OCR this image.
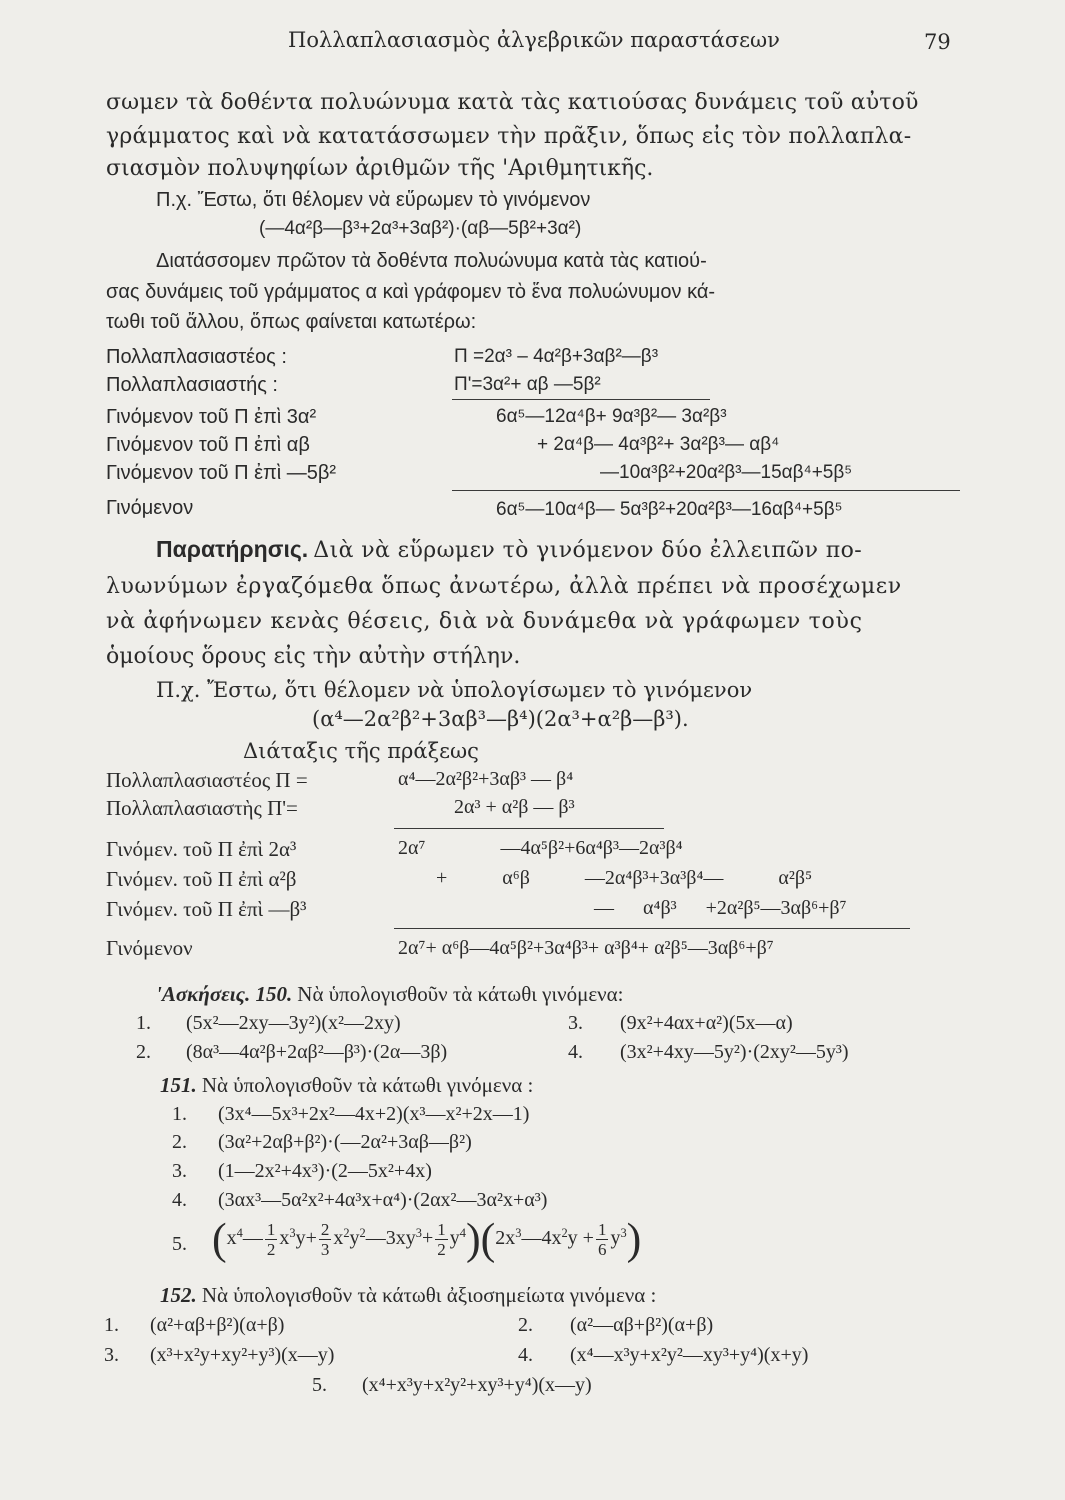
Πολλαπλασιασμὸς ἀλγεβρικῶν παραστάσεων	79
σωμεν τὰ δοθέντα πολυώνυμα κατὰ τὰς κατιούσας δυνάμεις τοῦ αὐτοῦ
γράμματος καὶ νὰ κατατάσσωμεν τὴν πρᾶξιν, ὅπως εἰς τὸν πολλαπλα-
σιασμὸν πολυψηφίων ἀριθμῶν τῆς 'Αριθμητικῆς.
Π.χ. Ἔστω, ὅτι θέλομεν νὰ εὕρωμεν τὸ γινόμενον
(—4α²β—β³+2α³+3αβ²)·(αβ—5β²+3α²)
Διατάσσομεν πρῶτον τὰ δοθέντα πολυώνυμα κατὰ τὰς κατιού-
σας δυνάμεις τοῦ γράμματος α καὶ γράφομεν τὸ ἕνα πολυώνυμον κά-
τωθι τοῦ ἄλλου, ὅπως φαίνεται κατωτέρω:
Πολλαπλασιαστέος :	Π =2α³ – 4α²β+3αβ²—β³
Πολλαπλασιαστής :	Π'=3α²+ αβ —5β²
Γινόμενον τοῦ Π ἐπὶ 3α²	6α⁵—12α⁴β+ 9α³β²— 3α²β³
Γινόμενον τοῦ Π ἐπὶ αβ	+ 2α⁴β— 4α³β²+ 3α²β³— αβ⁴
Γινόμενον τοῦ Π ἐπὶ —5β²	—10α³β²+20α²β³—15αβ⁴+5β⁵
Γινόμενον	6α⁵—10α⁴β— 5α³β²+20α²β³—16αβ⁴+5β⁵
Παρατήρησις. Διὰ νὰ εὕρωμεν τὸ γινόμενον δύο ἐλλειπῶν πο-
λυωνύμων ἐργαζόμεθα ὅπως ἀνωτέρω, ἀλλὰ πρέπει νὰ προσέχωμεν
νὰ ἀφήνωμεν κενὰς θέσεις, διὰ νὰ δυνάμεθα νὰ γράφωμεν τοὺς
ὁμοίους ὅρους εἰς τὴν αὐτὴν στήλην.
Π.χ. Ἔστω, ὅτι θέλομεν νὰ ὑπολογίσωμεν τὸ γινόμενον
(α⁴—2α²β²+3αβ³—β⁴)(2α³+α²β—β³).
Διάταξις τῆς πράξεως
Πολλαπλασιαστέος Π =	α⁴—2α²β²+3αβ³ — β⁴
Πολλαπλασιαστὴς Π'=	2α³ + α²β — β³
Γινόμεν. τοῦ Π ἐπὶ 2α³	2α⁷ —4α⁵β²+6α⁴β³—2α³β⁴
Γινόμεν. τοῦ Π ἐπὶ α²β	+ α⁶β —2α⁴β³+3α³β⁴— α²β⁵
Γινόμεν. τοῦ Π ἐπὶ —β³	— α⁴β³ +2α²β⁵—3αβ⁶+β⁷
Γινόμενον	2α⁷+ α⁶β—4α⁵β²+3α⁴β³+ α³β⁴+ α²β⁵—3αβ⁶+β⁷
'Ασκήσεις. 150. Νὰ ὑπολογισθοῦν τὰ κάτωθι γινόμενα:
1. (5x²—2xy—3y²)(x²—2xy)	3. (9x²+4αx+α²)(5x—α)
2. (8α³—4α²β+2αβ²—β³)·(2α—3β)	4. (3x²+4xy—5y²)·(2xy²—5y³)
151. Νὰ ὑπολογισθοῦν τὰ κάτωθι γινόμενα :
1. (3x⁴—5x³+2x²—4x+2)(x³—x²+2x—1)
2. (3α²+2αβ+β²)·(—2α²+3αβ—β²)
3. (1—2x²+4x³)·(2—5x²+4x)
4. (3αx³—5α²x²+4α³x+α⁴)·(2αx²—3α²x+α³)
5. ($x^4— \frac{1}{2} x^3y+ \frac{2}{3}$ $x^2y^2—3xy^3+ \frac{1}{2}$ $y^4)(2x^3—4x^2y + \frac{1}{6} y^3)$
152. Νὰ ὑπολογισθοῦν τὰ κάτωθι ἀξιοσημείωτα γινόμενα :
1. (α²+αβ+β²)(α+β)	2. (α²—αβ+β²)(α+β)
3. (x³+x²y+xy²+y³)(x—y)	4. (x⁴—x³y+x²y²—xy³+y⁴)(x+y)
5. (x⁴+x³y+x²y²+xy³+y⁴)(x—y)
